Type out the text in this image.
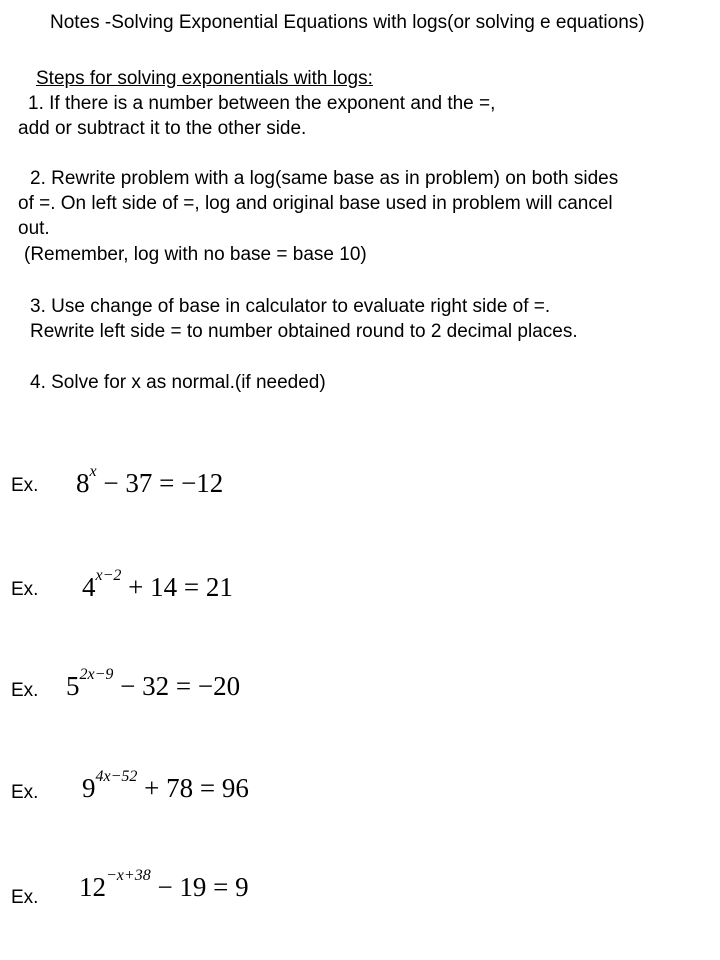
Notes -Solving Exponential Equations with logs(or solving e equations)
Steps for solving exponentials with logs:
1. If there is a number between the exponent and the =,
add or subtract it to the other side.
2. Rewrite problem with a log(same base as in problem) on both sides
of =. On left side of =, log and original base used in problem will cancel
out.
(Remember, log with no base = base 10)
3. Use change of base in calculator to evaluate right side of =.
Rewrite left side = to number obtained round to 2 decimal places.
4. Solve for x as normal.(if needed)
Ex. $8^x - 37 = -12$
Ex. $4^{x-2} + 14 = 21$
Ex. $5^{2x-9} - 32 = -20$
Ex. $9^{4x-52} + 78 = 96$
Ex. $12^{-x+38} - 19 = 9$
